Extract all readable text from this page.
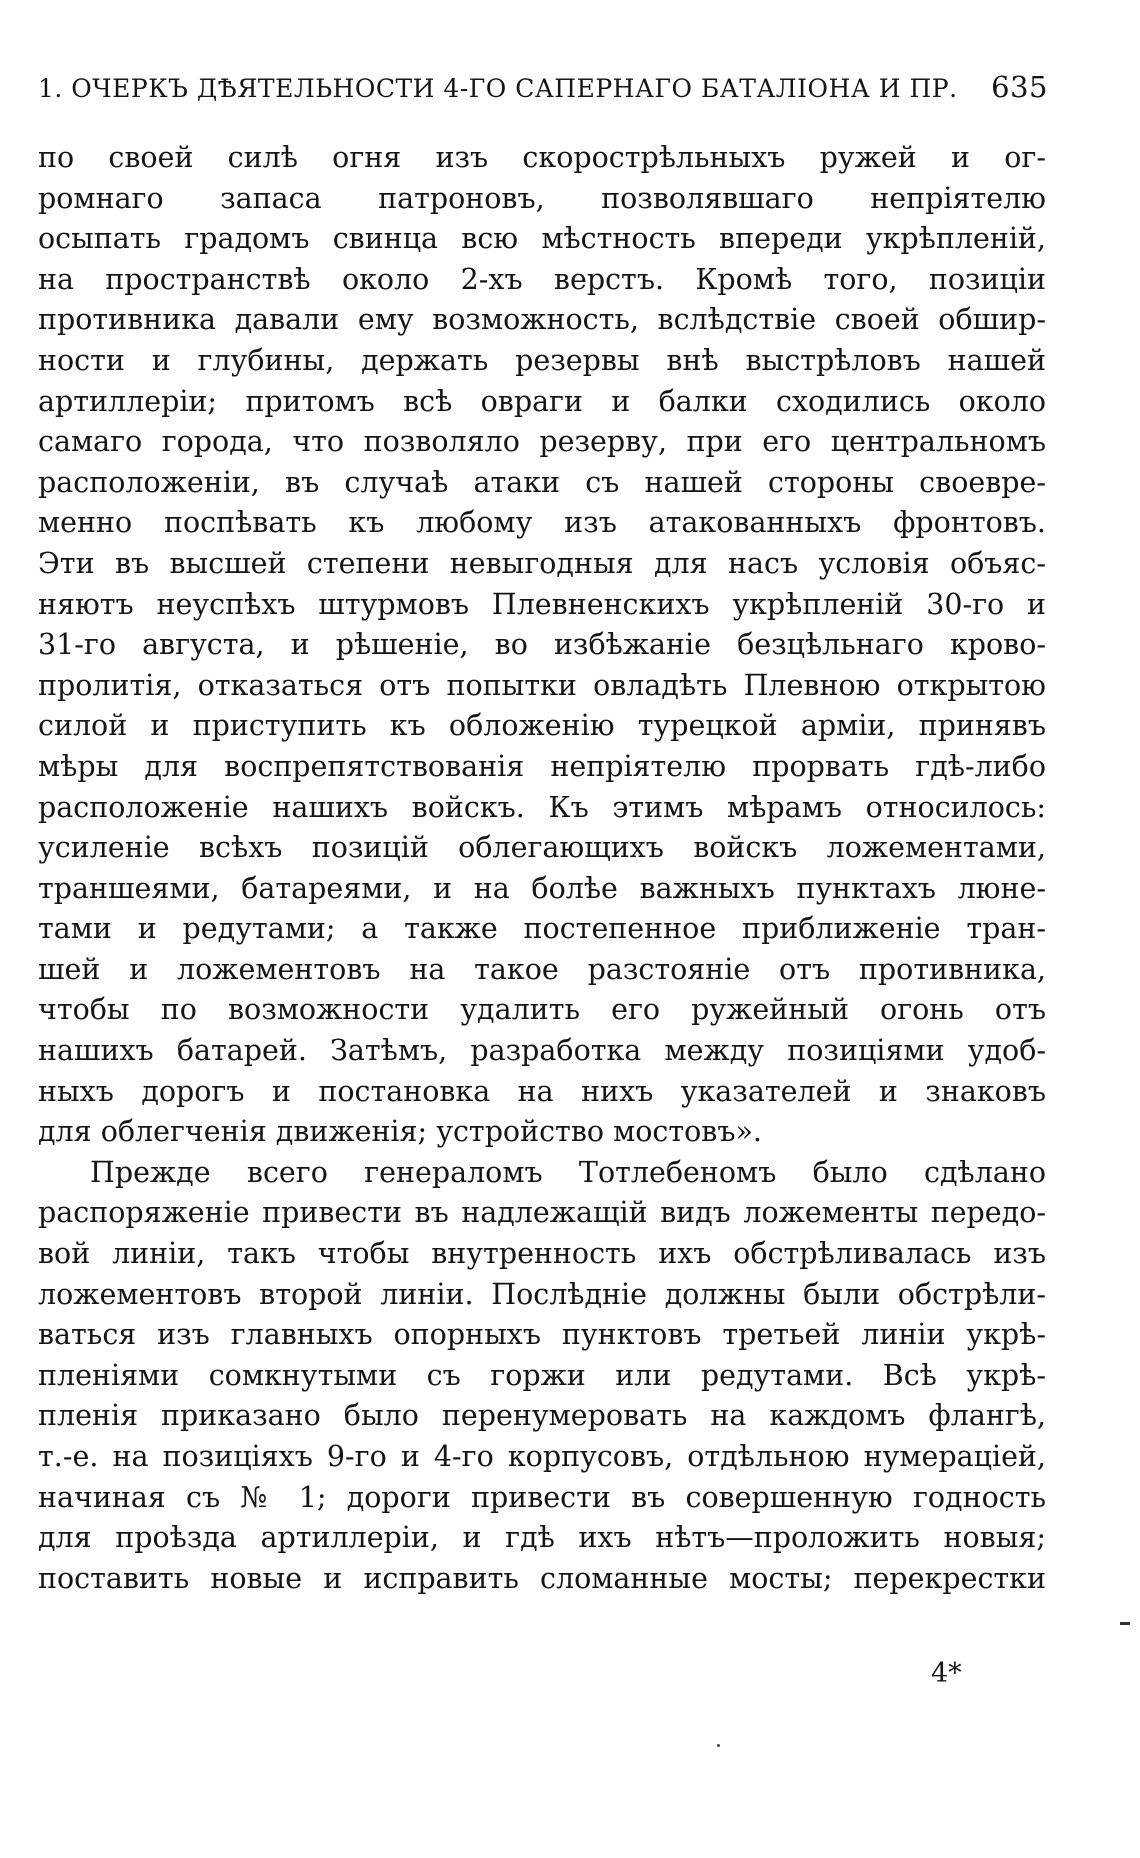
1. ОЧЕРКЪ ДѢЯТЕЛЬНОСТИ 4-ГО САПЕРНАГО БАТАЛІОНА И ПР. 635
по своей силѣ огня изъ скорострѣльныхъ ружей и ог-
ромнаго запаса патроновъ, позволявшаго непріятелю
осыпать градомъ свинца всю мѣстность впереди укрѣпленій,
на пространствѣ около 2-хъ верстъ. Кромѣ того, позиціи
противника давали ему возможность, вслѣдствіе своей обшир-
ности и глубины, держать резервы внѣ выстрѣловъ нашей
артиллеріи; притомъ всѣ овраги и балки сходились около
самаго города, что позволяло резерву, при его центральномъ
расположеніи, въ случаѣ атаки съ нашей стороны своевре-
менно поспѣвать къ любому изъ атакованныхъ фронтовъ.
Эти въ высшей степени невыгодныя для насъ условія объяс-
няютъ неуспѣхъ штурмовъ Плевненскихъ укрѣпленій 30-го и
31-го августа, и рѣшеніе, во избѣжаніе безцѣльнаго крово-
пролитія, отказаться отъ попытки овладѣть Плевною открытою
силой и приступить къ обложенію турецкой арміи, принявъ
мѣры для воспрепятствованія непріятелю прорвать гдѣ-либо
расположеніе нашихъ войскъ. Къ этимъ мѣрамъ относилось:
усиленіе всѣхъ позицій облегающихъ войскъ ложементами,
траншеями, батареями, и на болѣе важныхъ пунктахъ люне-
тами и редутами; а также постепенное приближеніе тран-
шей и ложементовъ на такое разстояніе отъ противника,
чтобы по возможности удалить его ружейный огонь отъ
нашихъ батарей. Затѣмъ, разработка между позиціями удоб-
ныхъ дорогъ и постановка на нихъ указателей и знаковъ
для облегченія движенія; устройство мостовъ».
Прежде всего генераломъ Тотлебеномъ было сдѣлано
распоряженіе привести въ надлежащій видъ ложементы передо-
вой линіи, такъ чтобы внутренность ихъ обстрѣливалась изъ
ложементовъ второй линіи. Послѣдніе должны были обстрѣли-
ваться изъ главныхъ опорныхъ пунктовъ третьей линіи укрѣ-
пленіями сомкнутыми съ горжи или редутами. Всѣ укрѣ-
пленія приказано было перенумеровать на каждомъ флангѣ,
т.-е. на позиціяхъ 9-го и 4-го корпусовъ, отдѣльною нумераціей,
начиная съ № 1; дороги привести въ совершенную годность
для проѣзда артиллеріи, и гдѣ ихъ нѣтъ—проложить новыя;
поставить новые и исправить сломанные мосты; перекрестки
4*
